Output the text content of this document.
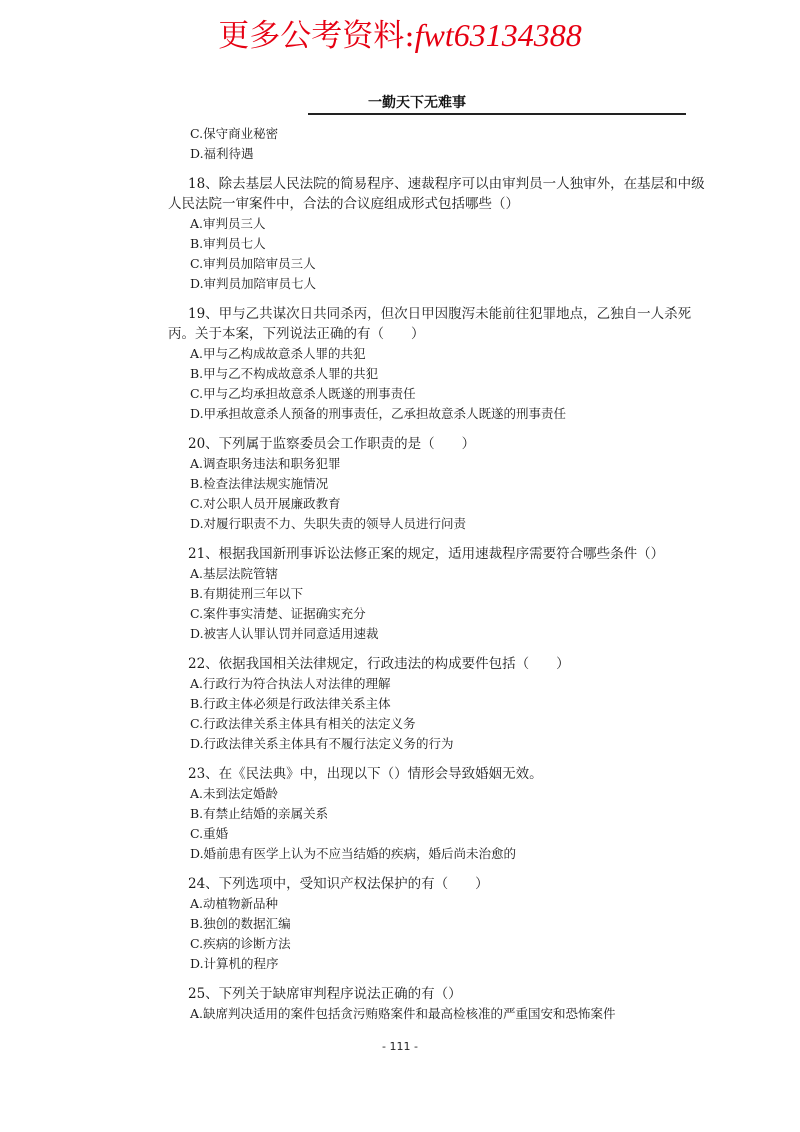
更多公考资料:fwt63134388
一勤天下无难事

C.保守商业秘密

D.福利待遇

18、除去基层人民法院的简易程序、速裁程序可以由审判员一人独审外，在基层和中级人民法院一审案件中，合法的合议庭组成形式包括哪些（）

A.审判员三人

B.审判员七人

C.审判员加陪审员三人

D.审判员加陪审员七人

19、甲与乙共谋次日共同杀丙，但次日甲因腹泻未能前往犯罪地点，乙独自一人杀死丙。关于本案，下列说法正确的有（　　）

A.甲与乙构成故意杀人罪的共犯

B.甲与乙不构成故意杀人罪的共犯

C.甲与乙均承担故意杀人既遂的刑事责任

D.甲承担故意杀人预备的刑事责任，乙承担故意杀人既遂的刑事责任

20、下列属于监察委员会工作职责的是（　　）

A.调查职务违法和职务犯罪

B.检查法律法规实施情况

C.对公职人员开展廉政教育

D.对履行职责不力、失职失责的领导人员进行问责

21、根据我国新刑事诉讼法修正案的规定，适用速裁程序需要符合哪些条件（）

A.基层法院管辖

B.有期徒刑三年以下

C.案件事实清楚、证据确实充分

D.被害人认罪认罚并同意适用速裁

22、依据我国相关法律规定，行政违法的构成要件包括（　　）

A.行政行为符合执法人对法律的理解

B.行政主体必须是行政法律关系主体

C.行政法律关系主体具有相关的法定义务

D.行政法律关系主体具有不履行法定义务的行为

23、在《民法典》中，出现以下（）情形会导致婚姻无效。

A.未到法定婚龄

B.有禁止结婚的亲属关系

C.重婚

D.婚前患有医学上认为不应当结婚的疾病，婚后尚未治愈的

24、下列选项中，受知识产权法保护的有（　　）

A.动植物新品种

B.独创的数据汇编

C.疾病的诊断方法

D.计算机的程序

25、下列关于缺席审判程序说法正确的有（）

A.缺席判决适用的案件包括贪污贿赂案件和最高检核准的严重国安和恐怖案件

- 111 -
